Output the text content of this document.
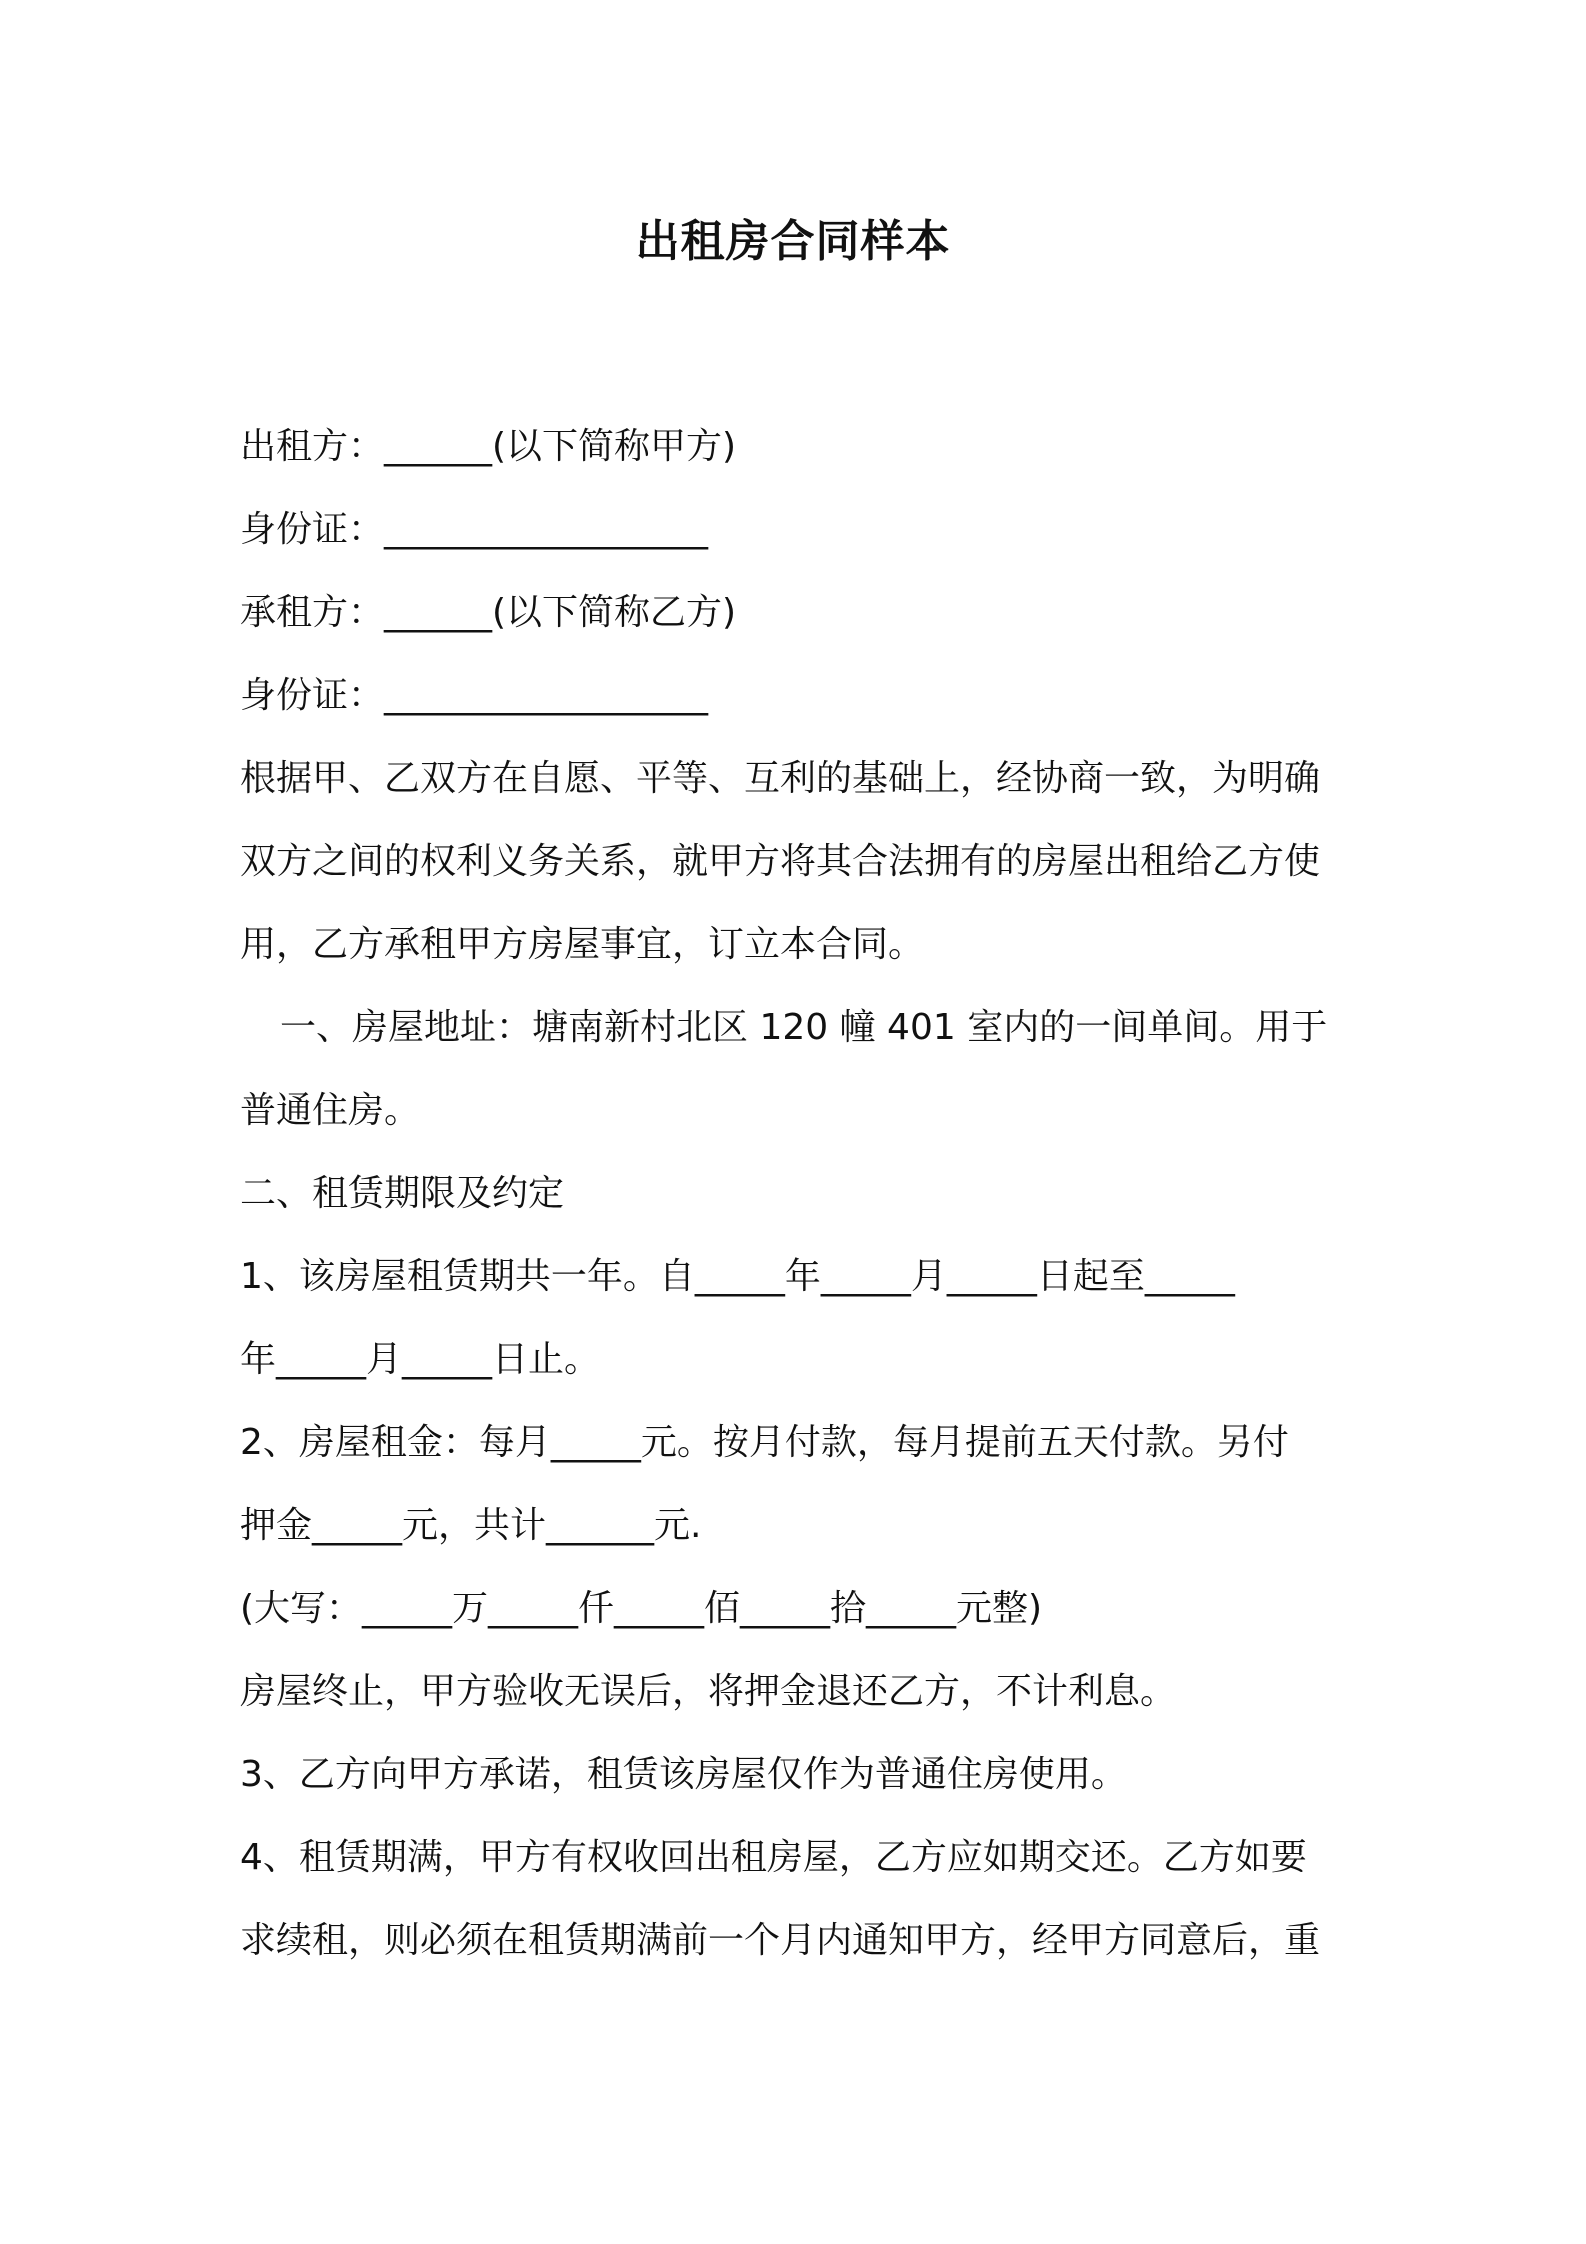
出租房合同样本
出租方：______(以下简称甲方)
身份证：__________________
承租方：______(以下简称乙方)
身份证：__________________
根据甲、乙双方在自愿、平等、互利的基础上，经协商一致，为明确
双方之间的权利义务关系，就甲方将其合法拥有的房屋出租给乙方使
用，乙方承租甲方房屋事宜，订立本合同。
一、房屋地址：塘南新村北区 120 幢 401 室内的一间单间。用于
普通住房。
二、租赁期限及约定
1、该房屋租赁期共一年。自_____年_____月_____日起至_____
年_____月_____日止。
2、房屋租金：每月_____元。按月付款，每月提前五天付款。另付
押金_____元，共计______元.
(大写：_____万_____仟_____佰_____拾_____元整)
房屋终止，甲方验收无误后，将押金退还乙方，不计利息。
3、乙方向甲方承诺，租赁该房屋仅作为普通住房使用。
4、租赁期满，甲方有权收回出租房屋，乙方应如期交还。乙方如要
求续租，则必须在租赁期满前一个月内通知甲方，经甲方同意后，重
